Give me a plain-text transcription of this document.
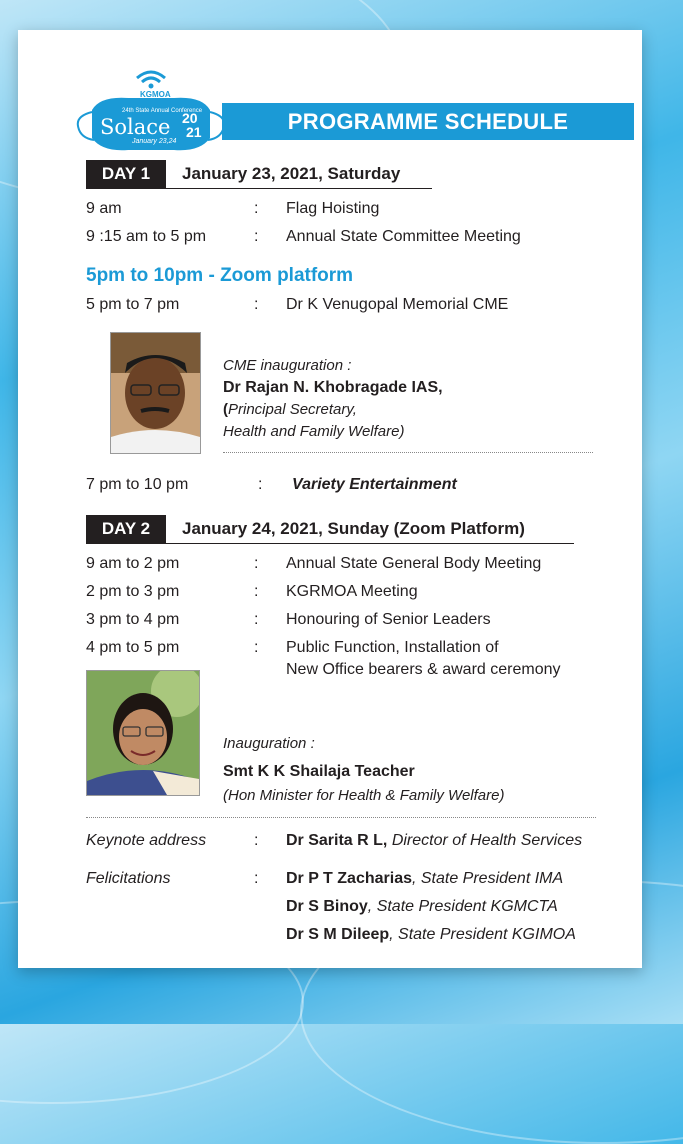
KGMOA
24th State Annual Conference
Solace 20
21
January 23,24
PROGRAMME SCHEDULE
DAY 1	January 23, 2021, Saturday
9 am	: Flag Hoisting
9 :15 am to 5 pm	: Annual State Committee Meeting
5pm to 10pm - Zoom platform
5 pm to 7 pm	: Dr K Venugopal Memorial CME
CME inauguration :
Dr Rajan N. Khobragade IAS,
(Principal Secretary,
Health and Family Welfare)
7 pm to 10 pm	: Variety Entertainment
DAY 2	January 24, 2021, Sunday (Zoom Platform)
9 am to 2 pm	: Annual State General Body Meeting
2 pm to 3 pm	: KGRMOA Meeting
3 pm to 4 pm	: Honouring of Senior Leaders
4 pm to 5 pm	: Public Function, Installation of
New Office bearers & award ceremony
Inauguration :
Smt K K Shailaja Teacher
(Hon Minister for Health & Family Welfare)
Keynote address	: Dr Sarita R L, Director of Health Services
Felicitations	: Dr P T Zacharias, State President IMA
Dr S Binoy, State President KGMCTA
Dr S M Dileep, State President KGIMOA
